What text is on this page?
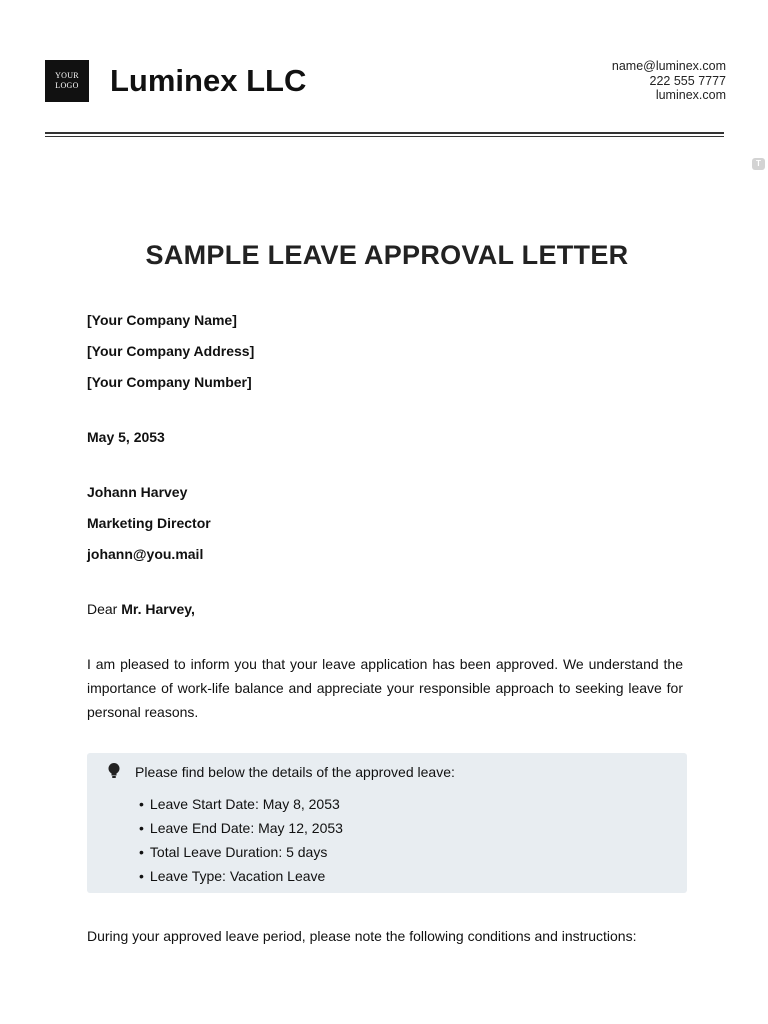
YOUR
LOGO Luminex LLC	name@luminex.com
222 555 7777
luminex.com
T
SAMPLE LEAVE APPROVAL LETTER
[Your Company Name]
[Your Company Address]
[Your Company Number]
May 5, 2053
Johann Harvey
Marketing Director
johann@you.mail
Dear Mr. Harvey,
I am pleased to inform you that your leave application has been approved. We understand the importance of work-life balance and appreciate your responsible approach to seeking leave for personal reasons.
Please find below the details of the approved leave:
• Leave Start Date: May 8, 2053
• Leave End Date: May 12, 2053
• Total Leave Duration: 5 days
• Leave Type: Vacation Leave
During your approved leave period, please note the following conditions and instructions:
